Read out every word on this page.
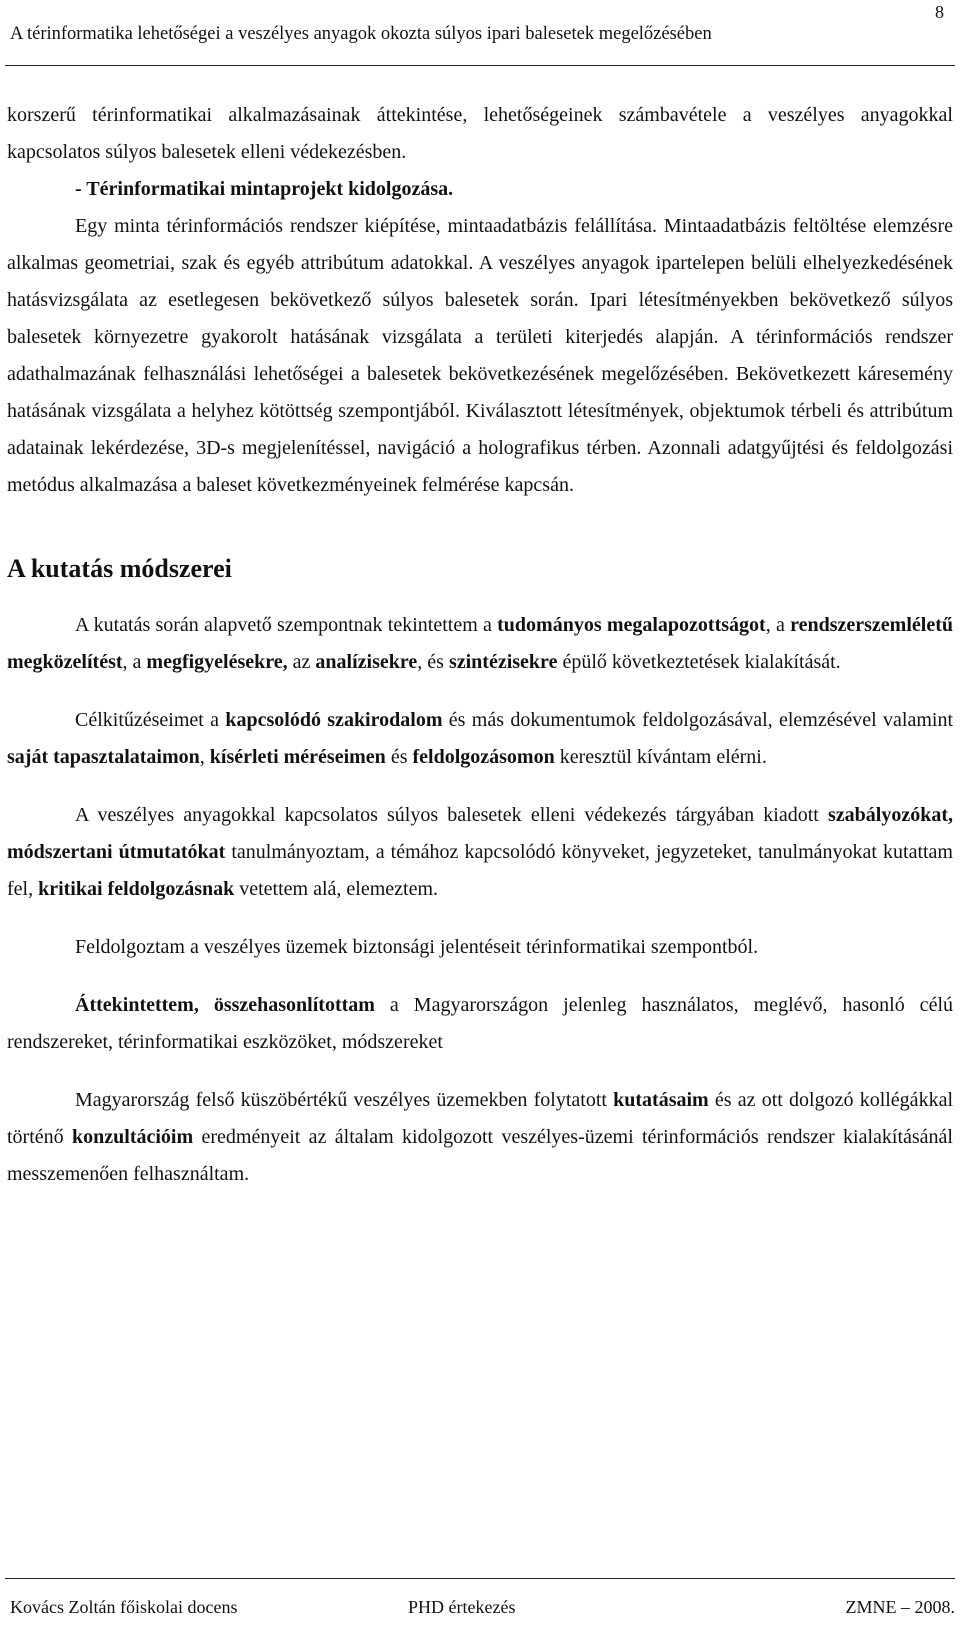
A térinformatika lehetőségei a veszélyes anyagok okozta súlyos ipari balesetek megelőzésében
8

korszerű térinformatikai alkalmazásainak áttekintése, lehetőségeinek számbavétele a veszélyes anyagokkal kapcsolatos súlyos balesetek elleni védekezésben.

- Térinformatikai mintaprojekt kidolgozása.

Egy minta térinformációs rendszer kiépítése, mintaadatbázis felállítása. Mintaadatbázis feltöltése elemzésre alkalmas geometriai, szak és egyéb attribútum adatokkal. A veszélyes anyagok ipartelepen belüli elhelyezkedésének hatásvizsgálata az esetlegesen bekövetkező súlyos balesetek során. Ipari létesítményekben bekövetkező súlyos balesetek környezetre gyakorolt hatásának vizsgálata a területi kiterjedés alapján. A térinformációs rendszer adathalmazának felhasználási lehetőségei a balesetek bekövetkezésének megelőzésében. Bekövetkezett káresemény hatásának vizsgálata a helyhez kötöttség szempontjából. Kiválasztott létesítmények, objektumok térbeli és attribútum adatainak lekérdezése, 3D-s megjelenítéssel, navigáció a holografikus térben. Azonnali adatgyűjtési és feldolgozási metódus alkalmazása a baleset következményeinek felmérése kapcsán.

A kutatás módszerei

A kutatás során alapvető szempontnak tekintettem a tudományos megalapozottságot, a rendszerszemléletű megközelítést, a megfigyelésekre, az analízisekre, és szintézisekre épülő következtetések kialakítását.

Célkitűzéseimet a kapcsolódó szakirodalom és más dokumentumok feldolgozásával, elemzésével valamint saját tapasztalataimon, kísérleti méréseimen és feldolgozásomon keresztül kívántam elérni.

A veszélyes anyagokkal kapcsolatos súlyos balesetek elleni védekezés tárgyában kiadott szabályozókat, módszertani útmutatókat tanulmányoztam, a témához kapcsolódó könyveket, jegyzeteket, tanulmányokat kutattam fel, kritikai feldolgozásnak vetettem alá, elemeztem.

Feldolgoztam a veszélyes üzemek biztonsági jelentéseit térinformatikai szempontból.

Áttekintettem, összehasonlítottam a Magyarországon jelenleg használatos, meglévő, hasonló célú rendszereket, térinformatikai eszközöket, módszereket

Magyarország felső küszöbértékű veszélyes üzemekben folytatott kutatásaim és az ott dolgozó kollégákkal történő konzultációim eredményeit az általam kidolgozott veszélyes-üzemi térinformációs rendszer kialakításánál messzemenően felhasználtam.

Kovács Zoltán főiskolai docens	PHD értekezés	ZMNE – 2008.
